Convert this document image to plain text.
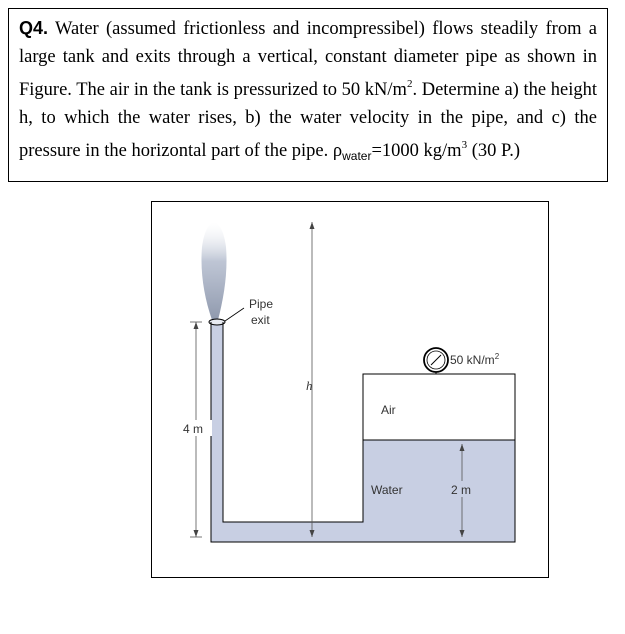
Q4. Water (assumed frictionless and incompressibel) flows steadily from a large tank and exits through a vertical, constant diameter pipe as shown in Figure. The air in the tank is pressurized to 50 $kN/m^2$. Determine a) the height h, to which the water rises, b) the water velocity in the pipe, and c) the pressure in the horizontal part of the pipe. $\rho_{water}=1000$ $kg/m^3$ (30 P.)
50 $kN/m^2$
Pipe
exit
h
4 m
2 m
Air
Water
